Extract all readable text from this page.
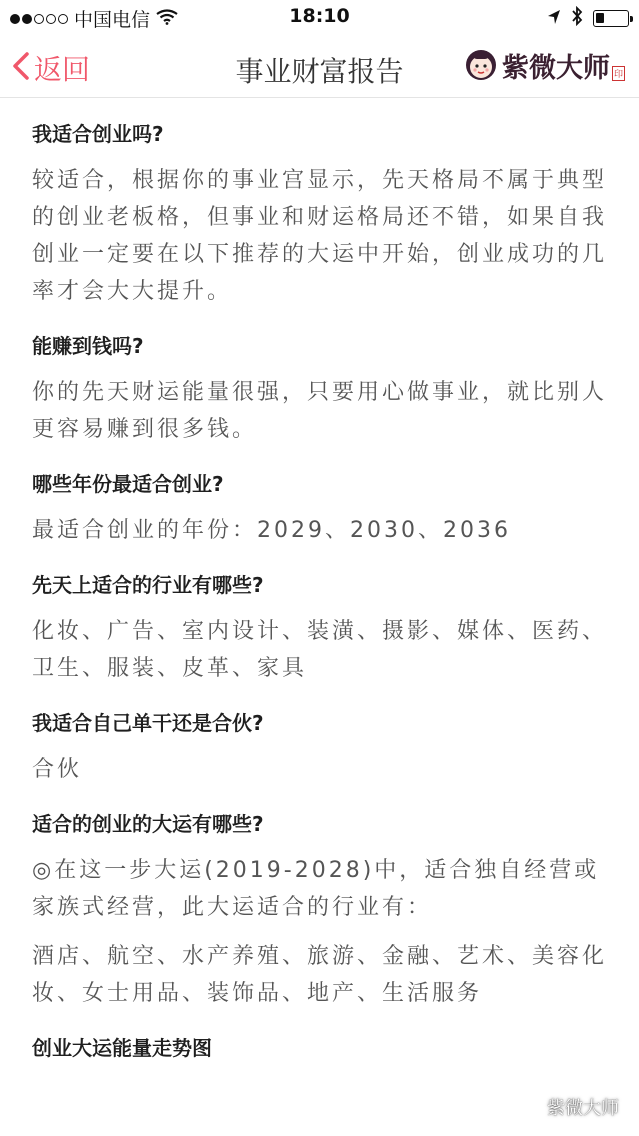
中国电信	18:10
返回	事业财富报告	紫微大师 印
我适合创业吗?
较适合，根据你的事业宫显示，先天格局不属于典型的创业老板格，但事业和财运格局还不错，如果自我创业一定要在以下推荐的大运中开始，创业成功的几率才会大大提升。
能赚到钱吗?
你的先天财运能量很强，只要用心做事业，就比别人更容易赚到很多钱。
哪些年份最适合创业?
最适合创业的年份：2029、2030、2036
先天上适合的行业有哪些?
化妆、广告、室内设计、装潢、摄影、媒体、医药、卫生、服装、皮革、家具
我适合自己单干还是合伙?
合伙
适合的创业的大运有哪些?
◎在这一步大运(2019-2028)中，适合独自经营或家族式经营，此大运适合的行业有：
酒店、航空、水产养殖、旅游、金融、艺术、美容化妆、女士用品、装饰品、地产、生活服务
创业大运能量走势图
紫微大师
